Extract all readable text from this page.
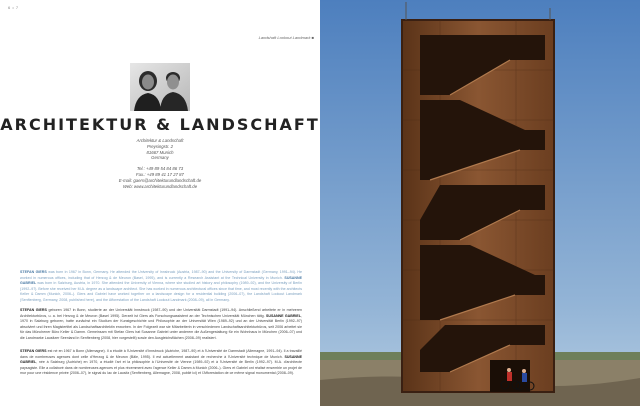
6 • 7
Landshaft Lookout Landmark ■
ARCHITEKTUR & LANDSCHAFT
Architektur & Landschaft
Preysingstr. 2
81667 Munich
Germany
Tel.: +49 89 54 84 86 73
Fax.: +49 89 41 17 27 87
E-mail: gaers@architekturundlandschaft.de
Web: www.architekturundlandschaft.de
STEFAN GIERS was born in 1967 in Bonn, Germany. He attended the University of Innsbruck (Austria, 1987–90) and the University of Darmstadt (Germany, 1991–94). He worked in numerous offices, including that of Herzog & de Meuron (Basel, 1995), and is currently a Research Assistant at the Technical University in Munich. SUSANNE GABRIEL was born in Salzburg, Austria, in 1970. She attended the University of Vienna, where she studied art history and philosophy (1989–92), and the University of Berlin (1992–97). Before she received her M.A. degree as a landscape architect. She has worked in numerous architectural offices since that time, and most recently with the architects Keller & Damm (Munich, 2006–). Giers and Gabriel have worked together on a landscape design for a residential building (2006–07), the Landshaft Lookout Landmark (Senftenberg, Germany, 2008, published here), and the Afforestation of the Landshaft Lookout Landmark (2008–09), all in Germany.
STEFAN GIERS geboren 1967 in Bonn, studierte an der Universität Innsbruck (1987–90) und der Universität Darmstadt (1991–94). Anschließend arbeitete er in mehreren Architekturbüros, u. a. bei Herzog & de Meuron (Basel 1995). Derzeit ist Giers als Forschungsassistent an der Technischen Universität München tätig. SUSANNE GABRIEL, 1970 in Salzburg geboren, hatte zunächst ein Studium der Kunstgeschichte und Philosophie an der Universität Wien (1989–92) und an der Universität Berlin (1992–97) absolviert und ihren Magistertitel als Landschaftsarchitektin erworben. In der Folgezeit war sie Mitarbeiterin in verschiedenen Landschaftsarchitekturbüros, seit 2006 arbeitet sie für das Münchener Büro Keller & Damm. Gemeinsam mit Stefan Giers hat Susanne Gabriel unter anderem die Außengestaltung für ein Wohnhaus in München (2006–07) und die Landmarke Lausitzer Seenland in Senftenberg (2008, hier vorgestellt) sowie den Ausgleichsflächen (2008–09) realisiert.
STEFAN GIERS est né en 1967 à Bonn (Allemagne). Il a étudié à l'Université d'Innsbruck (Autriche, 1987–90) et à l'Université de Darmstadt (Allemagne, 1991–94). Il a travaillé dans de nombreuses agences dont celle d'Herzog & de Meuron (Bâle, 1995). Il est actuellement assistant de recherche à l'Université technique de Munich. SUSANNE GABRIEL, née à Salzburg (Autriche) en 1970, a étudié l'art et la philosophie à l'Université de Vienne (1989–92) et à l'Université de Berlin (1992–97). M.A. d'architecte paysagiste. Elle a collaboré dans de nombreuses agences et plus récemment avec l'agence Keller & Damm à Munich (2006–). Giers et Gabriel ont réalisé ensemble un projet de mur pour une résidence privée (2006–07), le signal du lac de Lausitz (Senftenberg, Allemagne, 2008, publié ici) et l'Afforestation de ce même signal monumental (2008–09).
